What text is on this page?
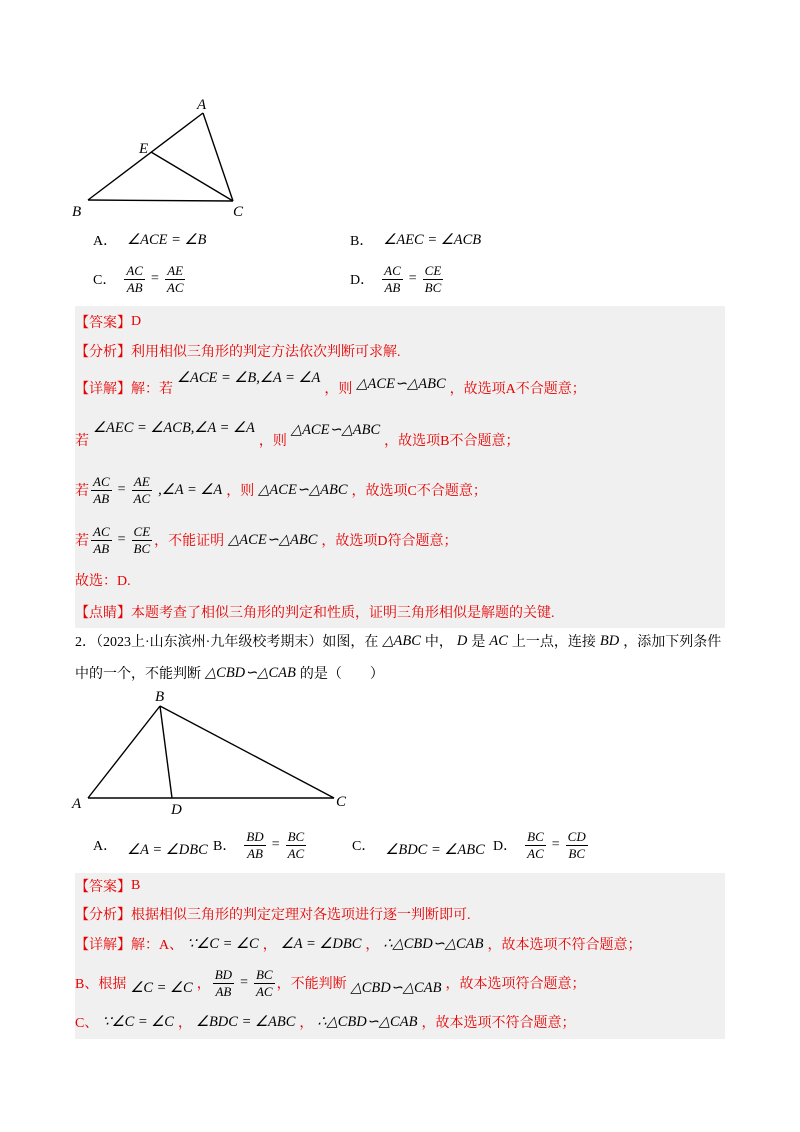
A
E
B	C
A． ∠ACE = ∠B	B． ∠AEC = ∠ACB
C． $\frac{AC}{AB} = \frac{AE}{AC}$	D． $\frac{AC}{AB} = \frac{CE}{BC}$
【答案】 D
【分析】 利用相似三角形的判定方法依次判断可求解.
【详解】 解：若
∠ACE = ∠B,∠A = ∠A
，则 △ACE∽△ABC ，故选项A不合题意；
若
∠AEC = ∠ACB,∠A = ∠A
，则
△ACE∽△ABC
，故选项B不合题意；
若 $\frac{AC}{AB} = \frac{AE}{AC}$ ,∠A = ∠A ，则 △ACE∽△ABC ，故选项C不合题意；
若 $\frac{AC}{AB} = \frac{CE}{BC}$ ，不能证明 △ACE∽△ABC ，故选项D符合题意；
故选：D.
【点睛】 本题考查了相似三角形的判定和性质，证明三角形相似是解题的关键.
2．（2023上·山东滨州·九年级校考期末）如图，在 △ABC 中， D 是 AC 上一点，连接 BD ，添加下列条件
中的一个，不能判断 △CBD∽△CAB 的是（　　）
B
A	D	C
A． ∠A = ∠DBC B． $\frac{BD}{AB} = \frac{BC}{AC}$	C． ∠BDC = ∠ABC D． $\frac{BC}{AC} = \frac{CD}{BC}$
【答案】 B
【分析】 根据相似三角形的判定定理对各选项进行逐一判断即可.
【详解】 解：A、 ∵∠C = ∠C ， ∠A = ∠DBC ， ∴△CBD∽△CAB ，故本选项不符合题意；
B、根据 ∠C = ∠C ， $\frac{BD}{AB} = \frac{BC}{AC}$ ，不能判断 △CBD∽△CAB ，故本选项符合题意；
C、 ∵∠C = ∠C ， ∠BDC = ∠ABC ， ∴△CBD∽△CAB ，故本选项不符合题意；
